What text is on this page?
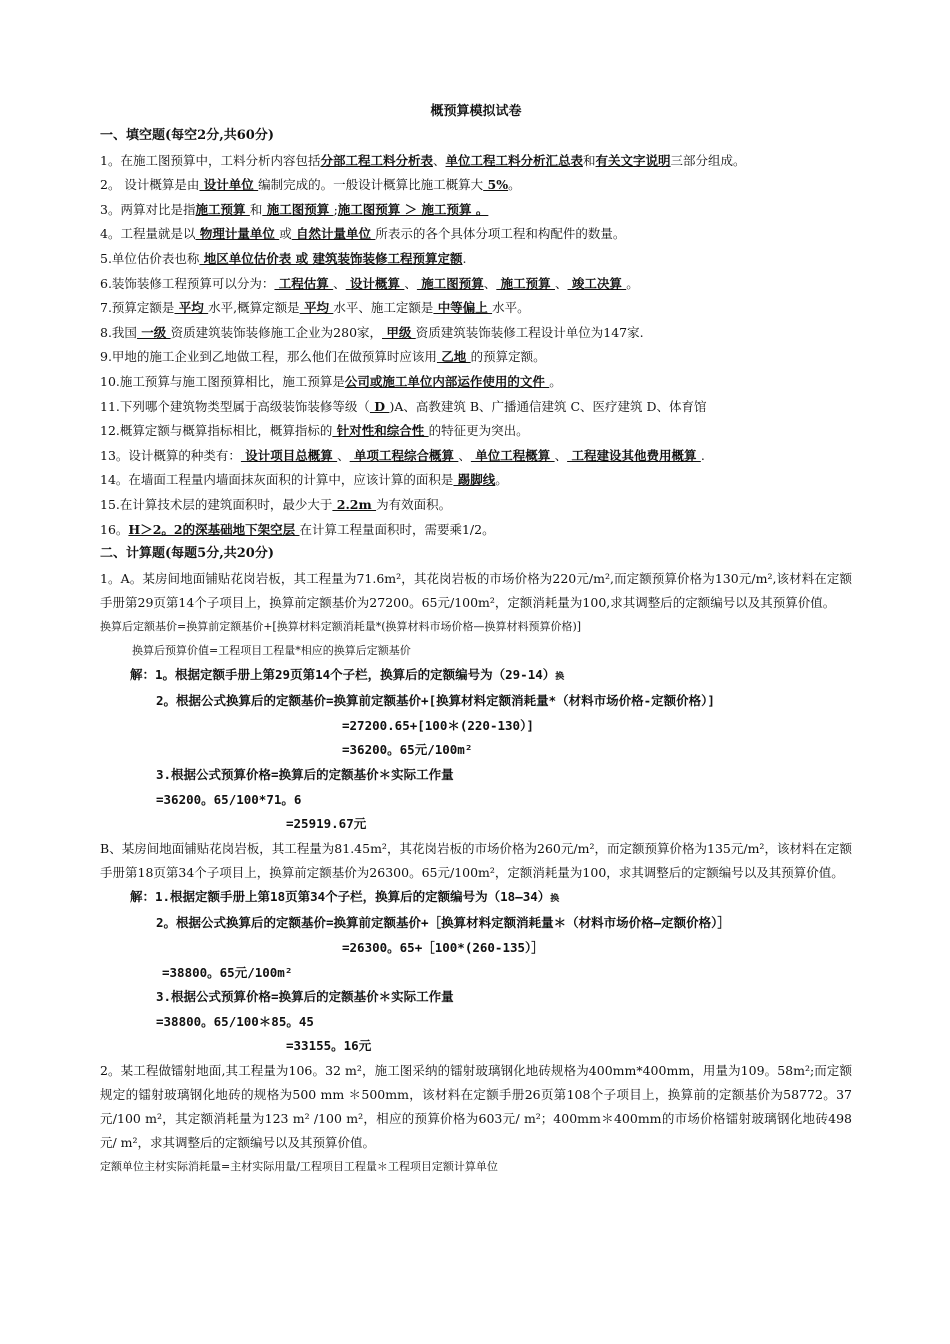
概预算模拟试卷
一、填空题(每空2分,共60分)
1。在施工图预算中，工料分析内容包括分部工程工料分析表、单位工程工料分析汇总表和有关文字说明三部分组成。
2。 设计概算是由 设计单位 编制完成的。一般设计概算比施工概算大 5%。
3。两算对比是指施工预算 和 施工图预算 ;施工图预算 ＞ 施工预算 。
4。工程量就是以 物理计量单位 或 自然计量单位 所表示的各个具体分项工程和构配件的数量。
5.单位估价表也称 地区单位估价表 或 建筑装饰装修工程预算定额.
6.装饰装修工程预算可以分为： 工程估算 、 设计概算 、 施工图预算、 施工预算 、 竣工决算 。
7.预算定额是 平均 水平,概算定额是 平均 水平、施工定额是 中等偏上 水平。
8.我国 一级 资质建筑装饰装修施工企业为280家， 甲级 资质建筑装饰装修工程设计单位为147家.
9.甲地的施工企业到乙地做工程，那么他们在做预算时应该用 乙地 的预算定额。
10.施工预算与施工图预算相比，施工预算是公司或施工单位内部运作使用的文件 。
11.下列哪个建筑物类型属于高级装饰装修等级（ D )A、高教建筑 B、广播通信建筑 C、医疗建筑 D、体育馆
12.概算定额与概算指标相比，概算指标的 针对性和综合性 的特征更为突出。
13。设计概算的种类有： 设计项目总概算 、 单项工程综合概算 、 单位工程概算 、 工程建设其他费用概算 .
14。在墙面工程量内墙面抹灰面积的计算中，应该计算的面积是 踢脚线。
15.在计算技术层的建筑面积时，最少大于 2.2m 为有效面积。
16。H＞2。2的深基础地下架空层 在计算工程量面积时，需要乘1/2。
二、计算题(每题5分,共20分)
1。A。某房间地面铺贴花岗岩板，其工程量为71.6m²，其花岗岩板的市场价格为220元/m²,而定额预算价格为130元/m²,该材料在定额手册第29页第14个子项目上，换算前定额基价为27200。65元/100m²，定额消耗量为100,求其调整后的定额编号以及其预算价值。
换算后定额基价=换算前定额基价+[换算材料定额消耗量*(换算材料市场价格—换算材料预算价格)]
换算后预算价值=工程项目工程量*相应的换算后定额基价
解：1。根据定额手册上第29页第14个子栏，换算后的定额编号为（29-14）换
2。根据公式换算后的定额基价=换算前定额基价+[换算材料定额消耗量*（材料市场价格-定额价格）]
=27200.65+[100＊(220-130）]
=36200。65元/100m²
3.根据公式预算价格=换算后的定额基价＊实际工作量
=36200。65/100*71。6
=25919.67元
B、某房间地面铺贴花岗岩板，其工程量为81.45m²，其花岗岩板的市场价格为260元/m²，而定额预算价格为135元/m²，该材料在定额手册第18页第34个子项目上，换算前定额基价为26300。65元/100m²，定额消耗量为100，求其调整后的定额编号以及其预算价值。
解：1.根据定额手册上第18页第34个子栏，换算后的定额编号为（18—34）换
2。根据公式换算后的定额基价=换算前定额基价+［换算材料定额消耗量＊（材料市场价格—定额价格）］
=26300。65+［100*(260-135）］
=38800。65元/100m²
3.根据公式预算价格=换算后的定额基价＊实际工作量
=38800。65/100＊85。45
=33155。16元
2。某工程做镭射地面,其工程量为106。32 m²，施工图采纳的镭射玻璃钢化地砖规格为400mm*400mm，用量为109。58m²;而定额规定的镭射玻璃钢化地砖的规格为500 mm ＊500mm，该材料在定额手册26页第108个子项目上，换算前的定额基价为58772。37元/100 m²，其定额消耗量为123 m² /100 m²，相应的预算价格为603元/ m²；400mm＊400mm的市场价格镭射玻璃钢化地砖498元/ m²，求其调整后的定额编号以及其预算价值。
定额单位主材实际消耗量=主材实际用量/工程项目工程量＊工程项目定额计算单位
